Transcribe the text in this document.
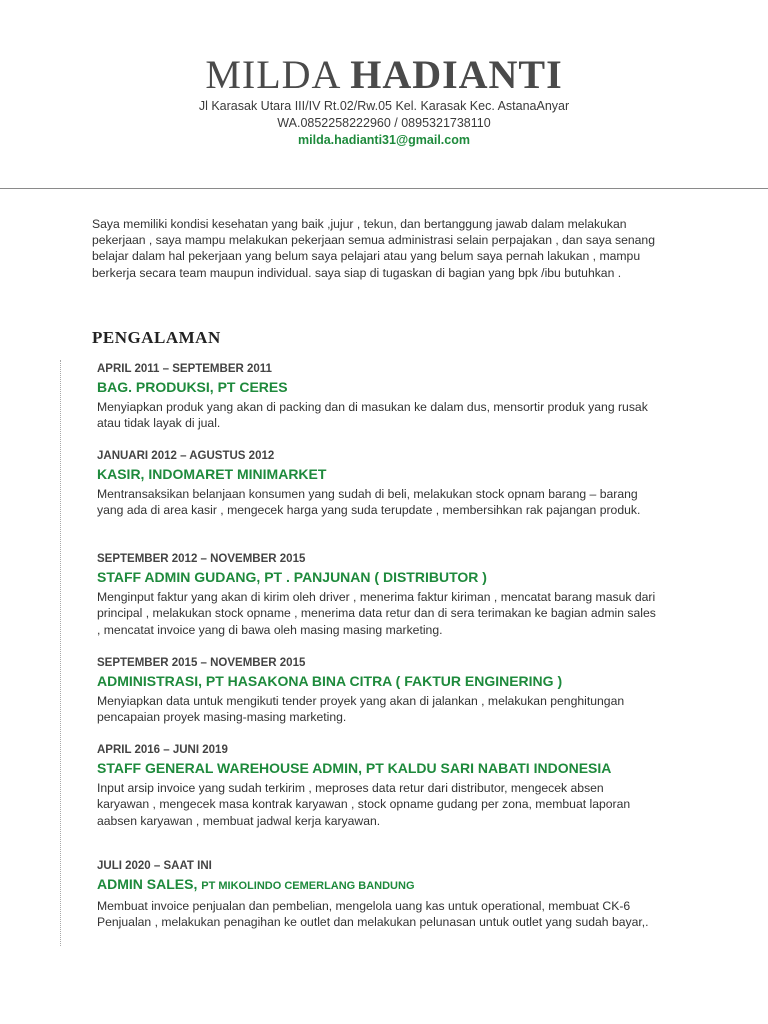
MILDA HADIANTI
Jl Karasak Utara III/IV Rt.02/Rw.05 Kel. Karasak Kec. AstanaAnyar
WA.0852258222960 / 0895321738110
milda.hadianti31@gmail.com
Saya memiliki kondisi kesehatan yang baik ,jujur , tekun, dan bertanggung jawab dalam melakukan pekerjaan , saya mampu melakukan pekerjaan semua administrasi selain perpajakan , dan saya senang belajar dalam hal pekerjaan yang belum saya pelajari atau yang belum saya pernah lakukan , mampu berkerja secara team maupun individual. saya siap di tugaskan di bagian yang bpk /ibu butuhkan .
PENGALAMAN
APRIL 2011 – SEPTEMBER 2011
BAG. PRODUKSI, PT CERES
Menyiapkan produk yang akan di packing dan di masukan ke dalam dus, mensortir produk yang rusak atau tidak layak di jual.
JANUARI 2012 – AGUSTUS 2012
KASIR, INDOMARET MINIMARKET
Mentransaksikan belanjaan konsumen yang sudah di beli, melakukan stock opnam barang – barang yang ada di area kasir , mengecek harga yang suda terupdate , membersihkan rak pajangan produk.
SEPTEMBER 2012 – NOVEMBER 2015
STAFF ADMIN GUDANG, PT . PANJUNAN ( DISTRIBUTOR )
Menginput faktur yang akan di kirim oleh driver , menerima faktur kiriman , mencatat barang masuk dari principal , melakukan stock opname , menerima data retur dan di sera terimakan ke bagian admin sales , mencatat invoice yang di bawa oleh masing masing marketing.
SEPTEMBER 2015 – NOVEMBER 2015
ADMINISTRASI, PT HASAKONA BINA CITRA ( FAKTUR ENGINERING )
Menyiapkan data untuk mengikuti tender proyek yang akan di jalankan , melakukan penghitungan pencapaian proyek masing-masing marketing.
APRIL 2016 – JUNI 2019
STAFF GENERAL WAREHOUSE ADMIN, PT KALDU SARI NABATI INDONESIA
Input arsip invoice yang sudah terkirim , meproses data retur dari distributor, mengecek absen karyawan , mengecek masa kontrak karyawan , stock opname gudang per zona, membuat laporan aabsen karyawan , membuat jadwal kerja karyawan.
JULI 2020 – SAAT INI
ADMIN SALES, PT MIKOLINDO CEMERLANG BANDUNG
Membuat invoice penjualan dan pembelian, mengelola uang kas untuk operational, membuat CK-6 Penjualan , melakukan penagihan ke outlet dan melakukan pelunasan untuk outlet yang sudah bayar,.
